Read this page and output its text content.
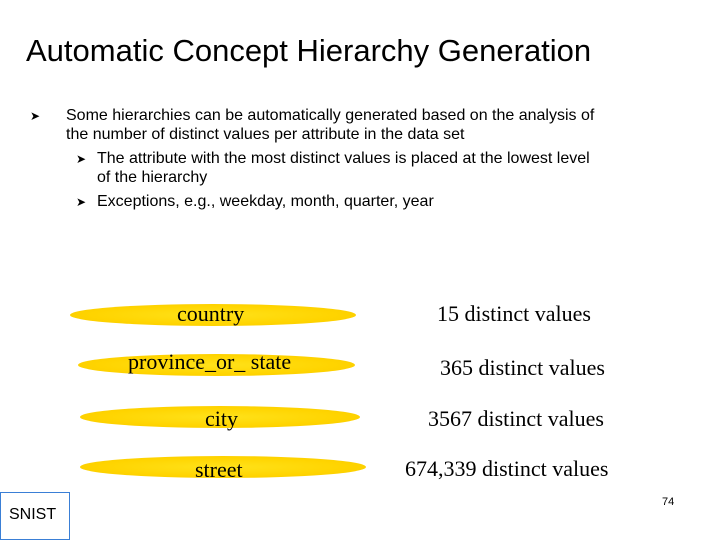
Automatic Concept Hierarchy Generation
➤ Some hierarchies can be automatically generated based on the analysis of
the number of distinct values per attribute in the data set
➤ The attribute with the most distinct values is placed at the lowest level
of the hierarchy
➤ Exceptions, e.g., weekday, month, quarter, year
country	15 distinct values
province_or_ state	365 distinct values
city	3567 distinct values
street	674,339 distinct values
SNIST
74
